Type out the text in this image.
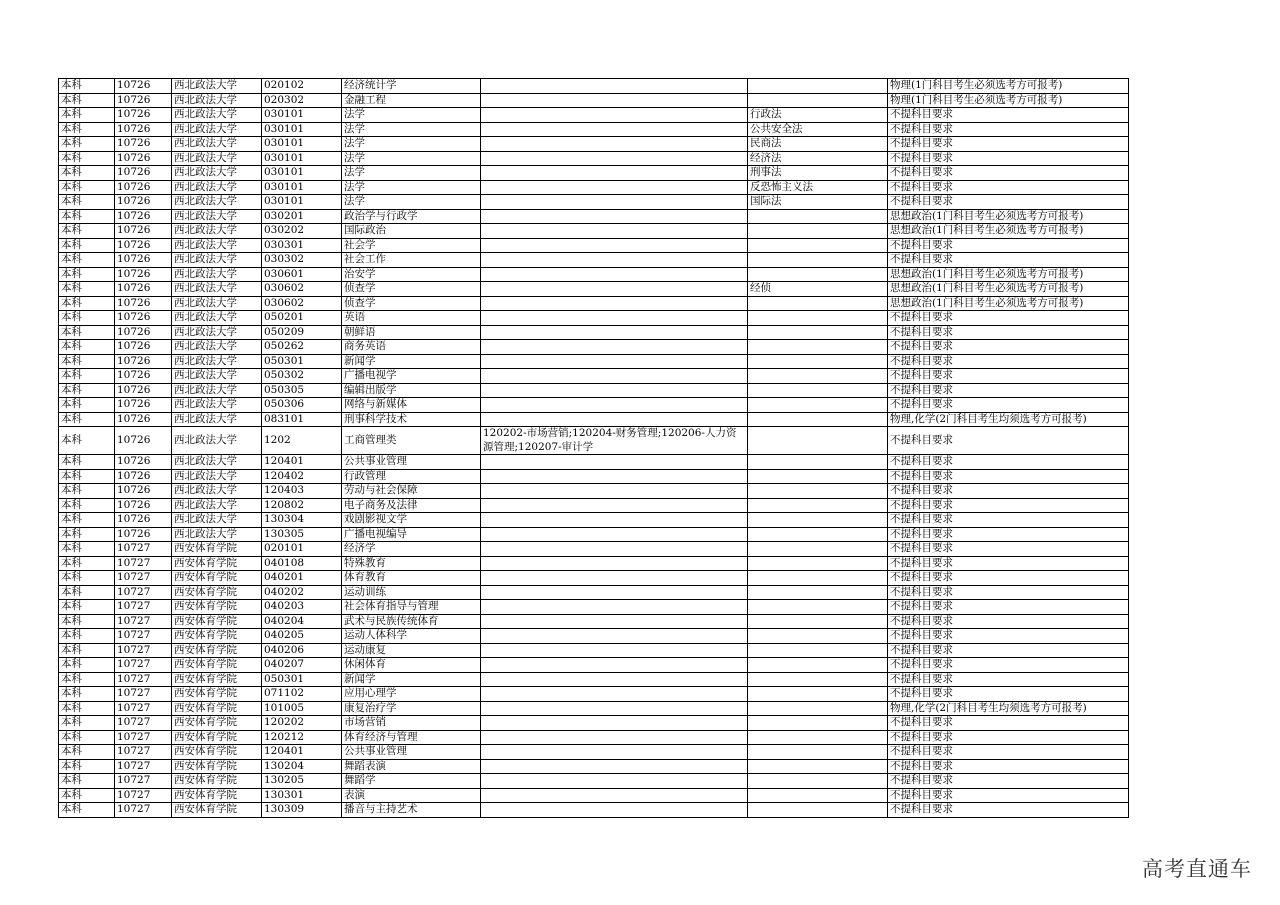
本科	10726	西北政法大学	020102	经济统计学			物理(1门科目考生必须选考方可报考)
本科	10726	西北政法大学	020302	金融工程			物理(1门科目考生必须选考方可报考)
本科	10726	西北政法大学	030101	法学		行政法	不提科目要求
本科	10726	西北政法大学	030101	法学		公共安全法	不提科目要求
本科	10726	西北政法大学	030101	法学		民商法	不提科目要求
本科	10726	西北政法大学	030101	法学		经济法	不提科目要求
本科	10726	西北政法大学	030101	法学		刑事法	不提科目要求
本科	10726	西北政法大学	030101	法学		反恐怖主义法	不提科目要求
本科	10726	西北政法大学	030101	法学		国际法	不提科目要求
本科	10726	西北政法大学	030201	政治学与行政学			思想政治(1门科目考生必须选考方可报考)
本科	10726	西北政法大学	030202	国际政治			思想政治(1门科目考生必须选考方可报考)
本科	10726	西北政法大学	030301	社会学			不提科目要求
本科	10726	西北政法大学	030302	社会工作			不提科目要求
本科	10726	西北政法大学	030601	治安学			思想政治(1门科目考生必须选考方可报考)
本科	10726	西北政法大学	030602	侦查学		经侦	思想政治(1门科目考生必须选考方可报考)
本科	10726	西北政法大学	030602	侦查学			思想政治(1门科目考生必须选考方可报考)
本科	10726	西北政法大学	050201	英语			不提科目要求
本科	10726	西北政法大学	050209	朝鲜语			不提科目要求
本科	10726	西北政法大学	050262	商务英语			不提科目要求
本科	10726	西北政法大学	050301	新闻学			不提科目要求
本科	10726	西北政法大学	050302	广播电视学			不提科目要求
本科	10726	西北政法大学	050305	编辑出版学			不提科目要求
本科	10726	西北政法大学	050306	网络与新媒体			不提科目要求
本科	10726	西北政法大学	083101	刑事科学技术			物理,化学(2门科目考生均须选考方可报考)
本科	10726	西北政法大学	1202	工商管理类	120202-市场营销;120204-财务管理;120206-人力资源管理;120207-审计学		不提科目要求
本科	10726	西北政法大学	120401	公共事业管理			不提科目要求
本科	10726	西北政法大学	120402	行政管理			不提科目要求
本科	10726	西北政法大学	120403	劳动与社会保障			不提科目要求
本科	10726	西北政法大学	120802	电子商务及法律			不提科目要求
本科	10726	西北政法大学	130304	戏剧影视文学			不提科目要求
本科	10726	西北政法大学	130305	广播电视编导			不提科目要求
本科	10727	西安体育学院	020101	经济学			不提科目要求
本科	10727	西安体育学院	040108	特殊教育			不提科目要求
本科	10727	西安体育学院	040201	体育教育			不提科目要求
本科	10727	西安体育学院	040202	运动训练			不提科目要求
本科	10727	西安体育学院	040203	社会体育指导与管理			不提科目要求
本科	10727	西安体育学院	040204	武术与民族传统体育			不提科目要求
本科	10727	西安体育学院	040205	运动人体科学			不提科目要求
本科	10727	西安体育学院	040206	运动康复			不提科目要求
本科	10727	西安体育学院	040207	休闲体育			不提科目要求
本科	10727	西安体育学院	050301	新闻学			不提科目要求
本科	10727	西安体育学院	071102	应用心理学			不提科目要求
本科	10727	西安体育学院	101005	康复治疗学			物理,化学(2门科目考生均须选考方可报考)
本科	10727	西安体育学院	120202	市场营销			不提科目要求
本科	10727	西安体育学院	120212	体育经济与管理			不提科目要求
本科	10727	西安体育学院	120401	公共事业管理			不提科目要求
本科	10727	西安体育学院	130204	舞蹈表演			不提科目要求
本科	10727	西安体育学院	130205	舞蹈学			不提科目要求
本科	10727	西安体育学院	130301	表演			不提科目要求
本科	10727	西安体育学院	130309	播音与主持艺术			不提科目要求
高考直通车
